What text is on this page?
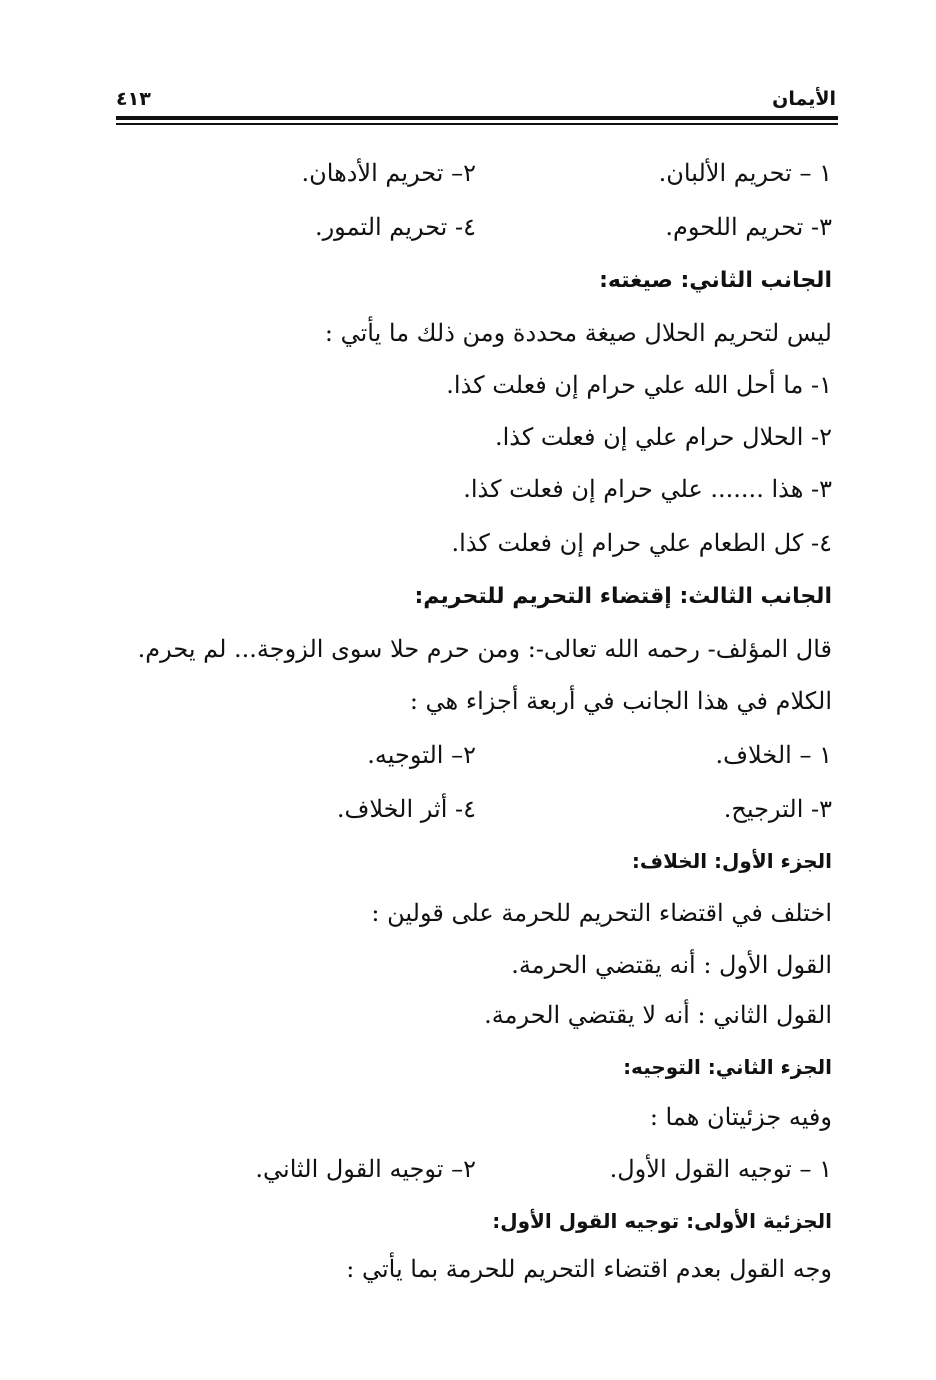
الأيمان
٤١٣
١ – تحريم الألبان.
٢– تحريم الأدهان.
٣- تحريم اللحوم.
٤- تحريم التمور.
الجانب الثاني: صيغته:
ليس لتحريم الحلال صيغة محددة ومن ذلك ما يأتي :
١- ما أحل الله علي حرام إن فعلت كذا.
٢- الحلال حرام علي إن فعلت كذا.
٣- هذا ....... علي حرام إن فعلت كذا.
٤- كل الطعام علي حرام إن فعلت كذا.
الجانب الثالث: إقتضاء التحريم للتحريم:
قال المؤلف- رحمه الله تعالى-: ومن حرم حلا سوى الزوجة... لم يحرم.
الكلام في هذا الجانب في أربعة أجزاء هي :
١ – الخلاف.
٢– التوجيه.
٣- الترجيح.
٤- أثر الخلاف.
الجزء الأول: الخلاف:
اختلف في اقتضاء التحريم للحرمة على قولين :
القول الأول : أنه يقتضي الحرمة.
القول الثاني : أنه لا يقتضي الحرمة.
الجزء الثاني: التوجيه:
وفيه جزئيتان هما :
١ – توجيه القول الأول.
٢– توجيه القول الثاني.
الجزئية الأولى: توجيه القول الأول:
وجه القول بعدم اقتضاء التحريم للحرمة بما يأتي :
